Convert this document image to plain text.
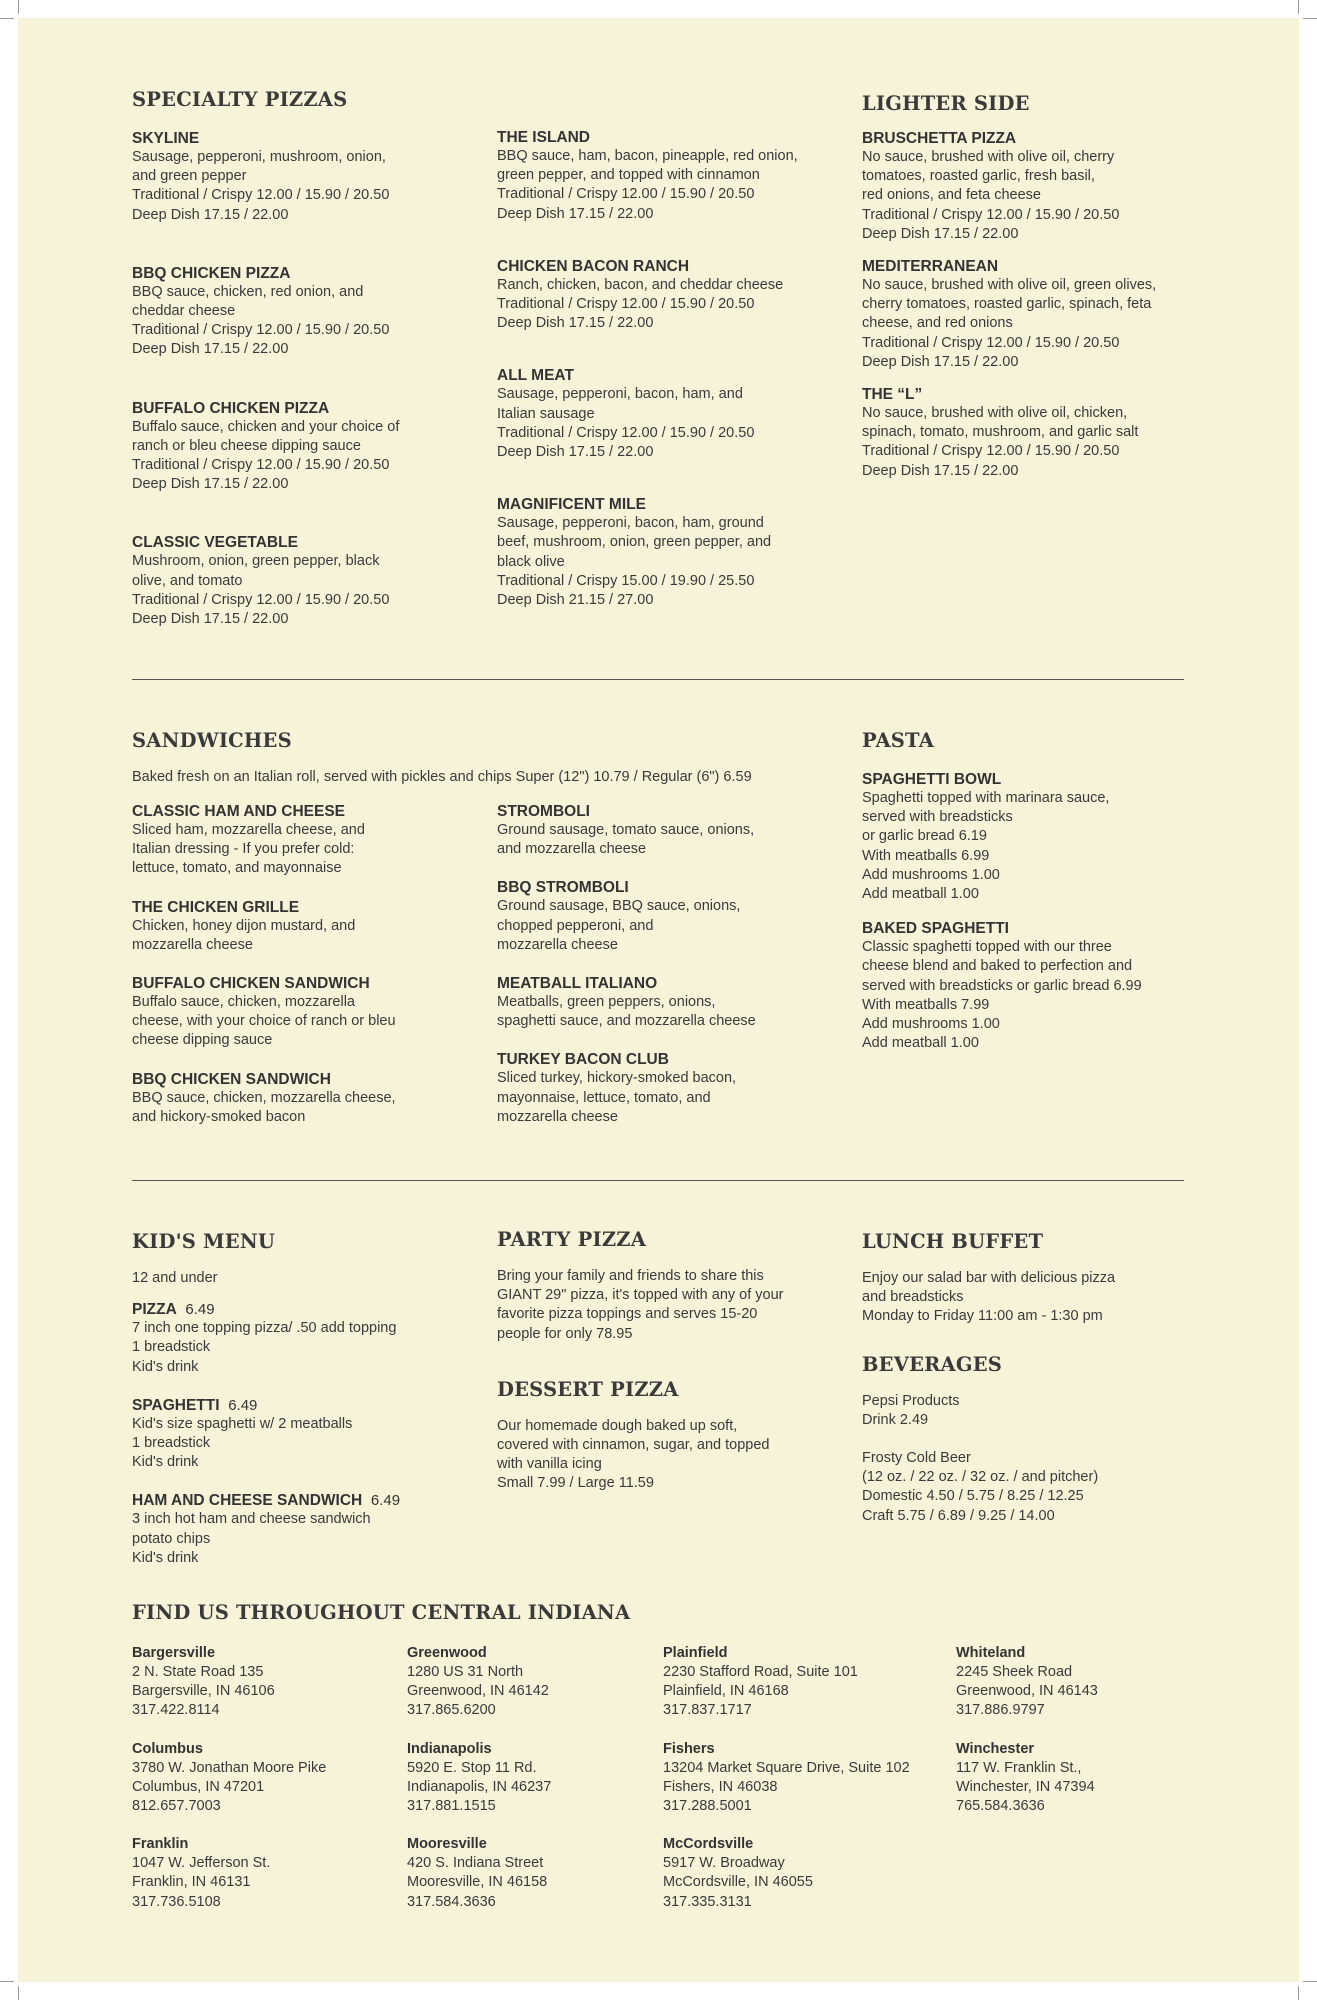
SPECIALTY PIZZAS
SKYLINE
Sausage, pepperoni, mushroom, onion,
and green pepper
Traditional / Crispy 12.00 / 15.90 / 20.50
Deep Dish 17.15 / 22.00
BBQ CHICKEN PIZZA
BBQ sauce, chicken, red onion, and
cheddar cheese
Traditional / Crispy 12.00 / 15.90 / 20.50
Deep Dish 17.15 / 22.00
BUFFALO CHICKEN PIZZA
Buffalo sauce, chicken and your choice of
ranch or bleu cheese dipping sauce
Traditional / Crispy 12.00 / 15.90 / 20.50
Deep Dish 17.15 / 22.00
CLASSIC VEGETABLE
Mushroom, onion, green pepper, black
olive, and tomato
Traditional / Crispy 12.00 / 15.90 / 20.50
Deep Dish 17.15 / 22.00
THE ISLAND
BBQ sauce, ham, bacon, pineapple, red onion,
green pepper, and topped with cinnamon
Traditional / Crispy 12.00 / 15.90 / 20.50
Deep Dish 17.15 / 22.00
CHICKEN BACON RANCH
Ranch, chicken, bacon, and cheddar cheese
Traditional / Crispy 12.00 / 15.90 / 20.50
Deep Dish 17.15 / 22.00
ALL MEAT
Sausage, pepperoni, bacon, ham, and
Italian sausage
Traditional / Crispy 12.00 / 15.90 / 20.50
Deep Dish 17.15 / 22.00
MAGNIFICENT MILE
Sausage, pepperoni, bacon, ham, ground
beef, mushroom, onion, green pepper, and
black olive
Traditional / Crispy 15.00 / 19.90 / 25.50
Deep Dish 21.15 / 27.00
LIGHTER SIDE
BRUSCHETTA PIZZA
No sauce, brushed with olive oil, cherry
tomatoes, roasted garlic, fresh basil,
red onions, and feta cheese
Traditional / Crispy 12.00 / 15.90 / 20.50
Deep Dish 17.15 / 22.00
MEDITERRANEAN
No sauce, brushed with olive oil, green olives,
cherry tomatoes, roasted garlic, spinach, feta
cheese, and red onions
Traditional / Crispy 12.00 / 15.90 / 20.50
Deep Dish 17.15 / 22.00
THE “L”
No sauce, brushed with olive oil, chicken,
spinach, tomato, mushroom, and garlic salt
Traditional / Crispy 12.00 / 15.90 / 20.50
Deep Dish 17.15 / 22.00
SANDWICHES
Baked fresh on an Italian roll, served with pickles and chips Super (12") 10.79 / Regular (6") 6.59
CLASSIC HAM AND CHEESE
Sliced ham, mozzarella cheese, and
Italian dressing - If you prefer cold:
lettuce, tomato, and mayonnaise
THE CHICKEN GRILLE
Chicken, honey dijon mustard, and
mozzarella cheese
BUFFALO CHICKEN SANDWICH
Buffalo sauce, chicken, mozzarella
cheese, with your choice of ranch or bleu
cheese dipping sauce
BBQ CHICKEN SANDWICH
BBQ sauce, chicken, mozzarella cheese,
and hickory-smoked bacon
STROMBOLI
Ground sausage, tomato sauce, onions,
and mozzarella cheese
BBQ STROMBOLI
Ground sausage, BBQ sauce, onions,
chopped pepperoni, and
mozzarella cheese
MEATBALL ITALIANO
Meatballs, green peppers, onions,
spaghetti sauce, and mozzarella cheese
TURKEY BACON CLUB
Sliced turkey, hickory-smoked bacon,
mayonnaise, lettuce, tomato, and
mozzarella cheese
PASTA
SPAGHETTI BOWL
Spaghetti topped with marinara sauce,
served with breadsticks
or garlic bread 6.19
With meatballs 6.99
Add mushrooms 1.00
Add meatball 1.00
BAKED SPAGHETTI
Classic spaghetti topped with our three
cheese blend and baked to perfection and
served with breadsticks or garlic bread 6.99
With meatballs 7.99
Add mushrooms 1.00
Add meatball 1.00
KID'S MENU
12 and under
PIZZA 6.49
7 inch one topping pizza/ .50 add topping
1 breadstick
Kid's drink
SPAGHETTI 6.49
Kid's size spaghetti w/ 2 meatballs
1 breadstick
Kid's drink
HAM AND CHEESE SANDWICH 6.49
3 inch hot ham and cheese sandwich
potato chips
Kid's drink
PARTY PIZZA
Bring your family and friends to share this
GIANT 29" pizza, it's topped with any of your
favorite pizza toppings and serves 15-20
people for only 78.95
DESSERT PIZZA
Our homemade dough baked up soft,
covered with cinnamon, sugar, and topped
with vanilla icing
Small 7.99 / Large 11.59
LUNCH BUFFET
Enjoy our salad bar with delicious pizza
and breadsticks
Monday to Friday 11:00 am - 1:30 pm
BEVERAGES
Pepsi Products
Drink 2.49
Frosty Cold Beer
(12 oz. / 22 oz. / 32 oz. / and pitcher)
Domestic 4.50 / 5.75 / 8.25 / 12.25
Craft 5.75 / 6.89 / 9.25 / 14.00
FIND US THROUGHOUT CENTRAL INDIANA
Bargersville
2 N. State Road 135
Bargersville, IN 46106
317.422.8114
Columbus
3780 W. Jonathan Moore Pike
Columbus, IN 47201
812.657.7003
Franklin
1047 W. Jefferson St.
Franklin, IN 46131
317.736.5108
Greenwood
1280 US 31 North
Greenwood, IN 46142
317.865.6200
Indianapolis
5920 E. Stop 11 Rd.
Indianapolis, IN 46237
317.881.1515
Mooresville
420 S. Indiana Street
Mooresville, IN 46158
317.584.3636
Plainfield
2230 Stafford Road, Suite 101
Plainfield, IN 46168
317.837.1717
Fishers
13204 Market Square Drive, Suite 102
Fishers, IN 46038
317.288.5001
McCordsville
5917 W. Broadway
McCordsville, IN 46055
317.335.3131
Whiteland
2245 Sheek Road
Greenwood, IN 46143
317.886.9797
Winchester
117 W. Franklin St.,
Winchester, IN 47394
765.584.3636
